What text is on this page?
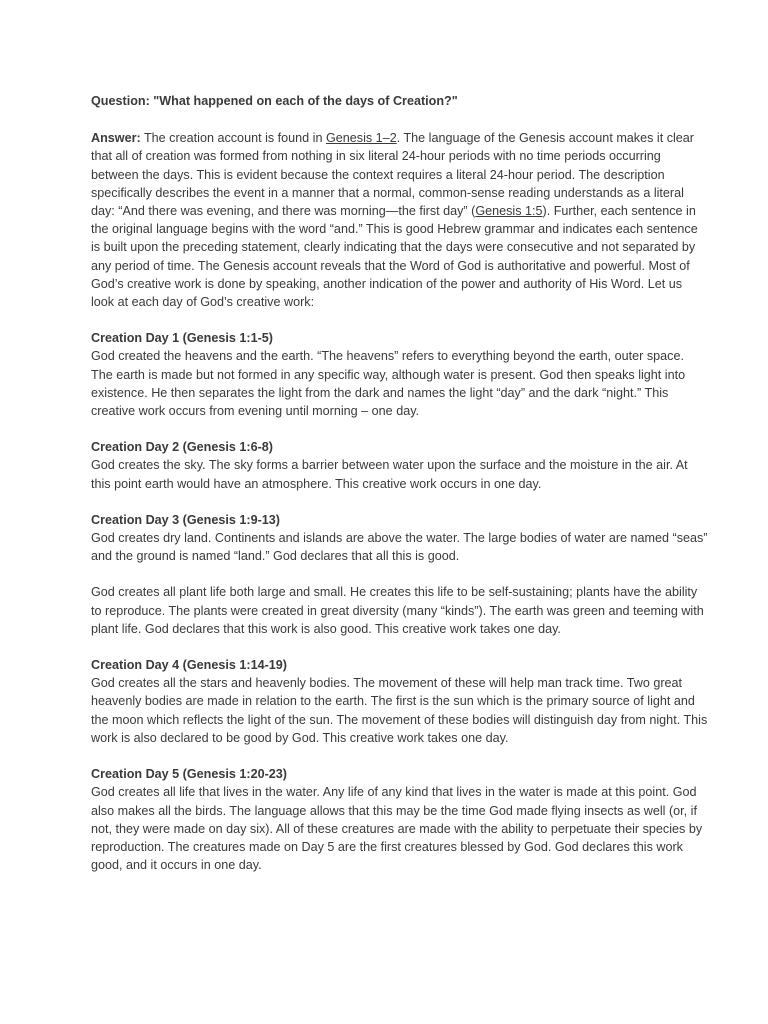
Question: "What happened on each of the days of Creation?"

Answer: The creation account is found in Genesis 1–2. The language of the Genesis account makes it clear that all of creation was formed from nothing in six literal 24-hour periods with no time periods occurring between the days. This is evident because the context requires a literal 24-hour period. The description specifically describes the event in a manner that a normal, common-sense reading understands as a literal day: “And there was evening, and there was morning—the first day” (Genesis 1:5). Further, each sentence in the original language begins with the word “and.” This is good Hebrew grammar and indicates each sentence is built upon the preceding statement, clearly indicating that the days were consecutive and not separated by any period of time. The Genesis account reveals that the Word of God is authoritative and powerful. Most of God’s creative work is done by speaking, another indication of the power and authority of His Word. Let us look at each day of God’s creative work:

Creation Day 1 (Genesis 1:1-5)
God created the heavens and the earth. “The heavens” refers to everything beyond the earth, outer space. The earth is made but not formed in any specific way, although water is present. God then speaks light into existence. He then separates the light from the dark and names the light “day” and the dark “night.” This creative work occurs from evening until morning – one day.

Creation Day 2 (Genesis 1:6-8)
God creates the sky. The sky forms a barrier between water upon the surface and the moisture in the air. At this point earth would have an atmosphere. This creative work occurs in one day.

Creation Day 3 (Genesis 1:9-13)
God creates dry land. Continents and islands are above the water. The large bodies of water are named “seas” and the ground is named “land.” God declares that all this is good.

God creates all plant life both large and small. He creates this life to be self-sustaining; plants have the ability to reproduce. The plants were created in great diversity (many “kinds”). The earth was green and teeming with plant life. God declares that this work is also good. This creative work takes one day.

Creation Day 4 (Genesis 1:14-19)
God creates all the stars and heavenly bodies. The movement of these will help man track time. Two great heavenly bodies are made in relation to the earth. The first is the sun which is the primary source of light and the moon which reflects the light of the sun. The movement of these bodies will distinguish day from night. This work is also declared to be good by God. This creative work takes one day.

Creation Day 5 (Genesis 1:20-23)
God creates all life that lives in the water. Any life of any kind that lives in the water is made at this point. God also makes all the birds. The language allows that this may be the time God made flying insects as well (or, if not, they were made on day six). All of these creatures are made with the ability to perpetuate their species by reproduction. The creatures made on Day 5 are the first creatures blessed by God. God declares this work good, and it occurs in one day.
